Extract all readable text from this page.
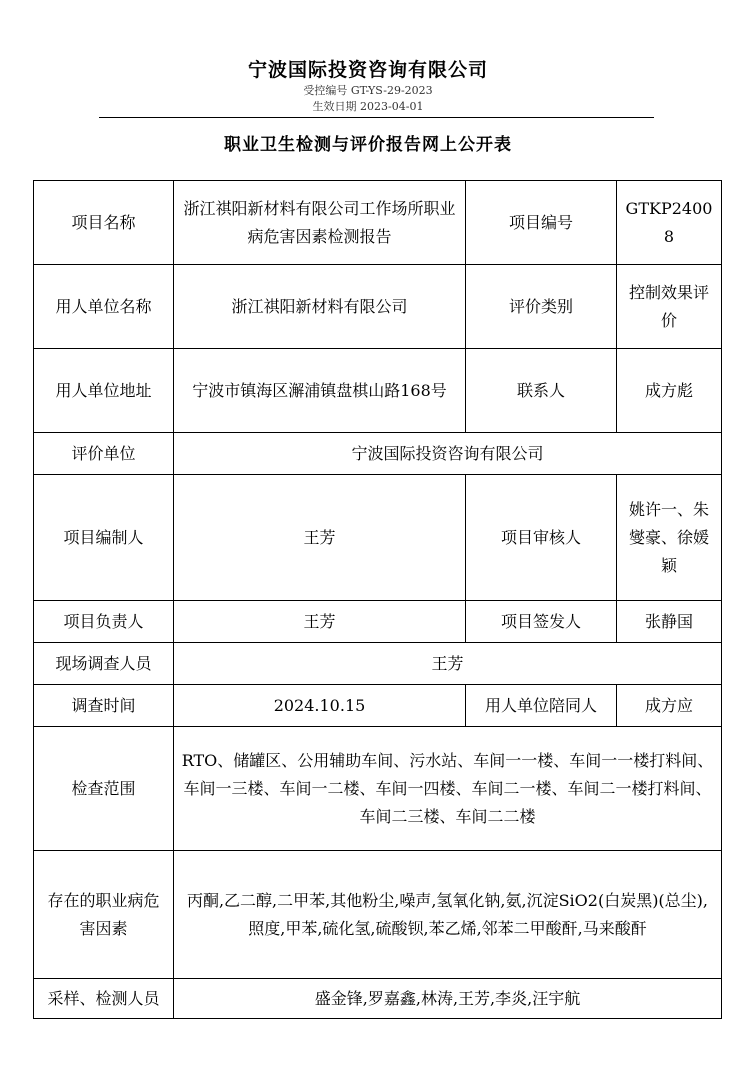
宁波国际投资咨询有限公司
受控编号 GT-YS-29-2023
生效日期 2023-04-01
职业卫生检测与评价报告网上公开表
项目名称	浙江祺阳新材料有限公司工作场所职业病危害因素检测报告	项目编号	GTKP24008
用人单位名称	浙江祺阳新材料有限公司	评价类别	控制效果评价
用人单位地址	宁波市镇海区澥浦镇盘棋山路168号	联系人	成方彪
评价单位	宁波国际投资咨询有限公司		
项目编制人	王芳	项目审核人	姚许一、朱燮豪、徐媛颖
项目负责人	王芳	项目签发人	张静国
现场调查人员	王芳		
调查时间	2024.10.15	用人单位陪同人	成方应
检查范围	RTO、储罐区、公用辅助车间、污水站、车间一一楼、车间一一楼打料间、车间一三楼、车间一二楼、车间一四楼、车间二一楼、车间二一楼打料间、车间二三楼、车间二二楼		
存在的职业病危害因素	丙酮,乙二醇,二甲苯,其他粉尘,噪声,氢氧化钠,氨,沉淀SiO2(白炭黑)(总尘),照度,甲苯,硫化氢,硫酸钡,苯乙烯,邻苯二甲酸酐,马来酸酐		
采样、检测人员	盛金锋,罗嘉鑫,林涛,王芳,李炎,汪宇航		
